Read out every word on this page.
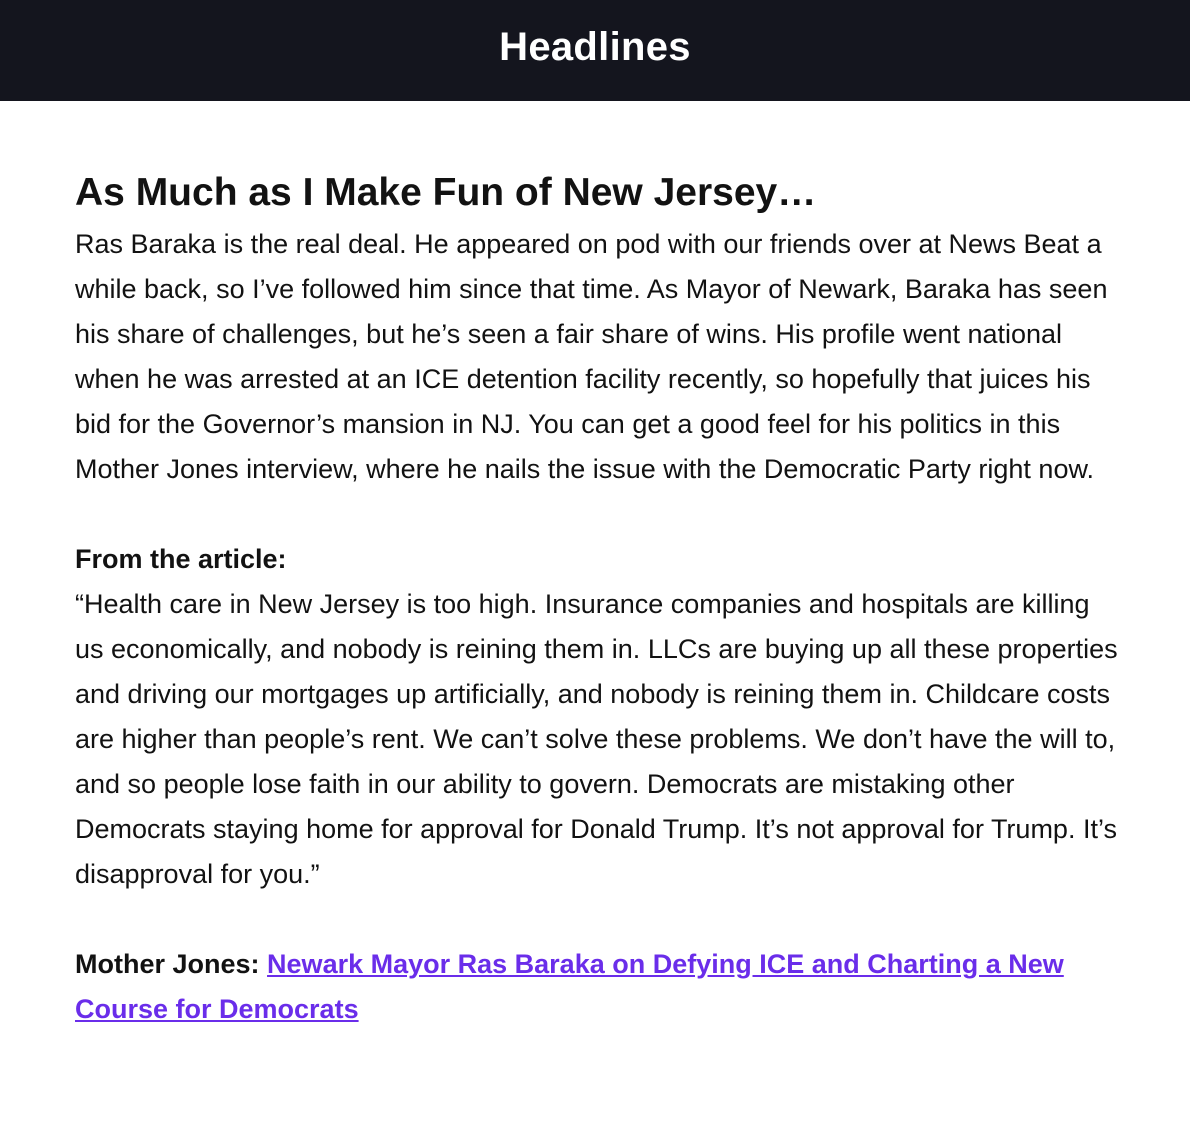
Headlines
As Much as I Make Fun of New Jersey…

Ras Baraka is the real deal. He appeared on pod with our friends over at News Beat a while back, so I’ve followed him since that time. As Mayor of Newark, Baraka has seen his share of challenges, but he’s seen a fair share of wins. His profile went national when he was arrested at an ICE detention facility recently, so hopefully that juices his bid for the Governor’s mansion in NJ. You can get a good feel for his politics in this Mother Jones interview, where he nails the issue with the Democratic Party right now.

From the article:

“Health care in New Jersey is too high. Insurance companies and hospitals are killing us economically, and nobody is reining them in. LLCs are buying up all these properties and driving our mortgages up artificially, and nobody is reining them in. Childcare costs are higher than people’s rent. We can’t solve these problems. We don’t have the will to, and so people lose faith in our ability to govern. Democrats are mistaking other Democrats staying home for approval for Donald Trump. It’s not approval for Trump. It’s disapproval for you.”

Mother Jones: Newark Mayor Ras Baraka on Defying ICE and Charting a New Course for Democrats
